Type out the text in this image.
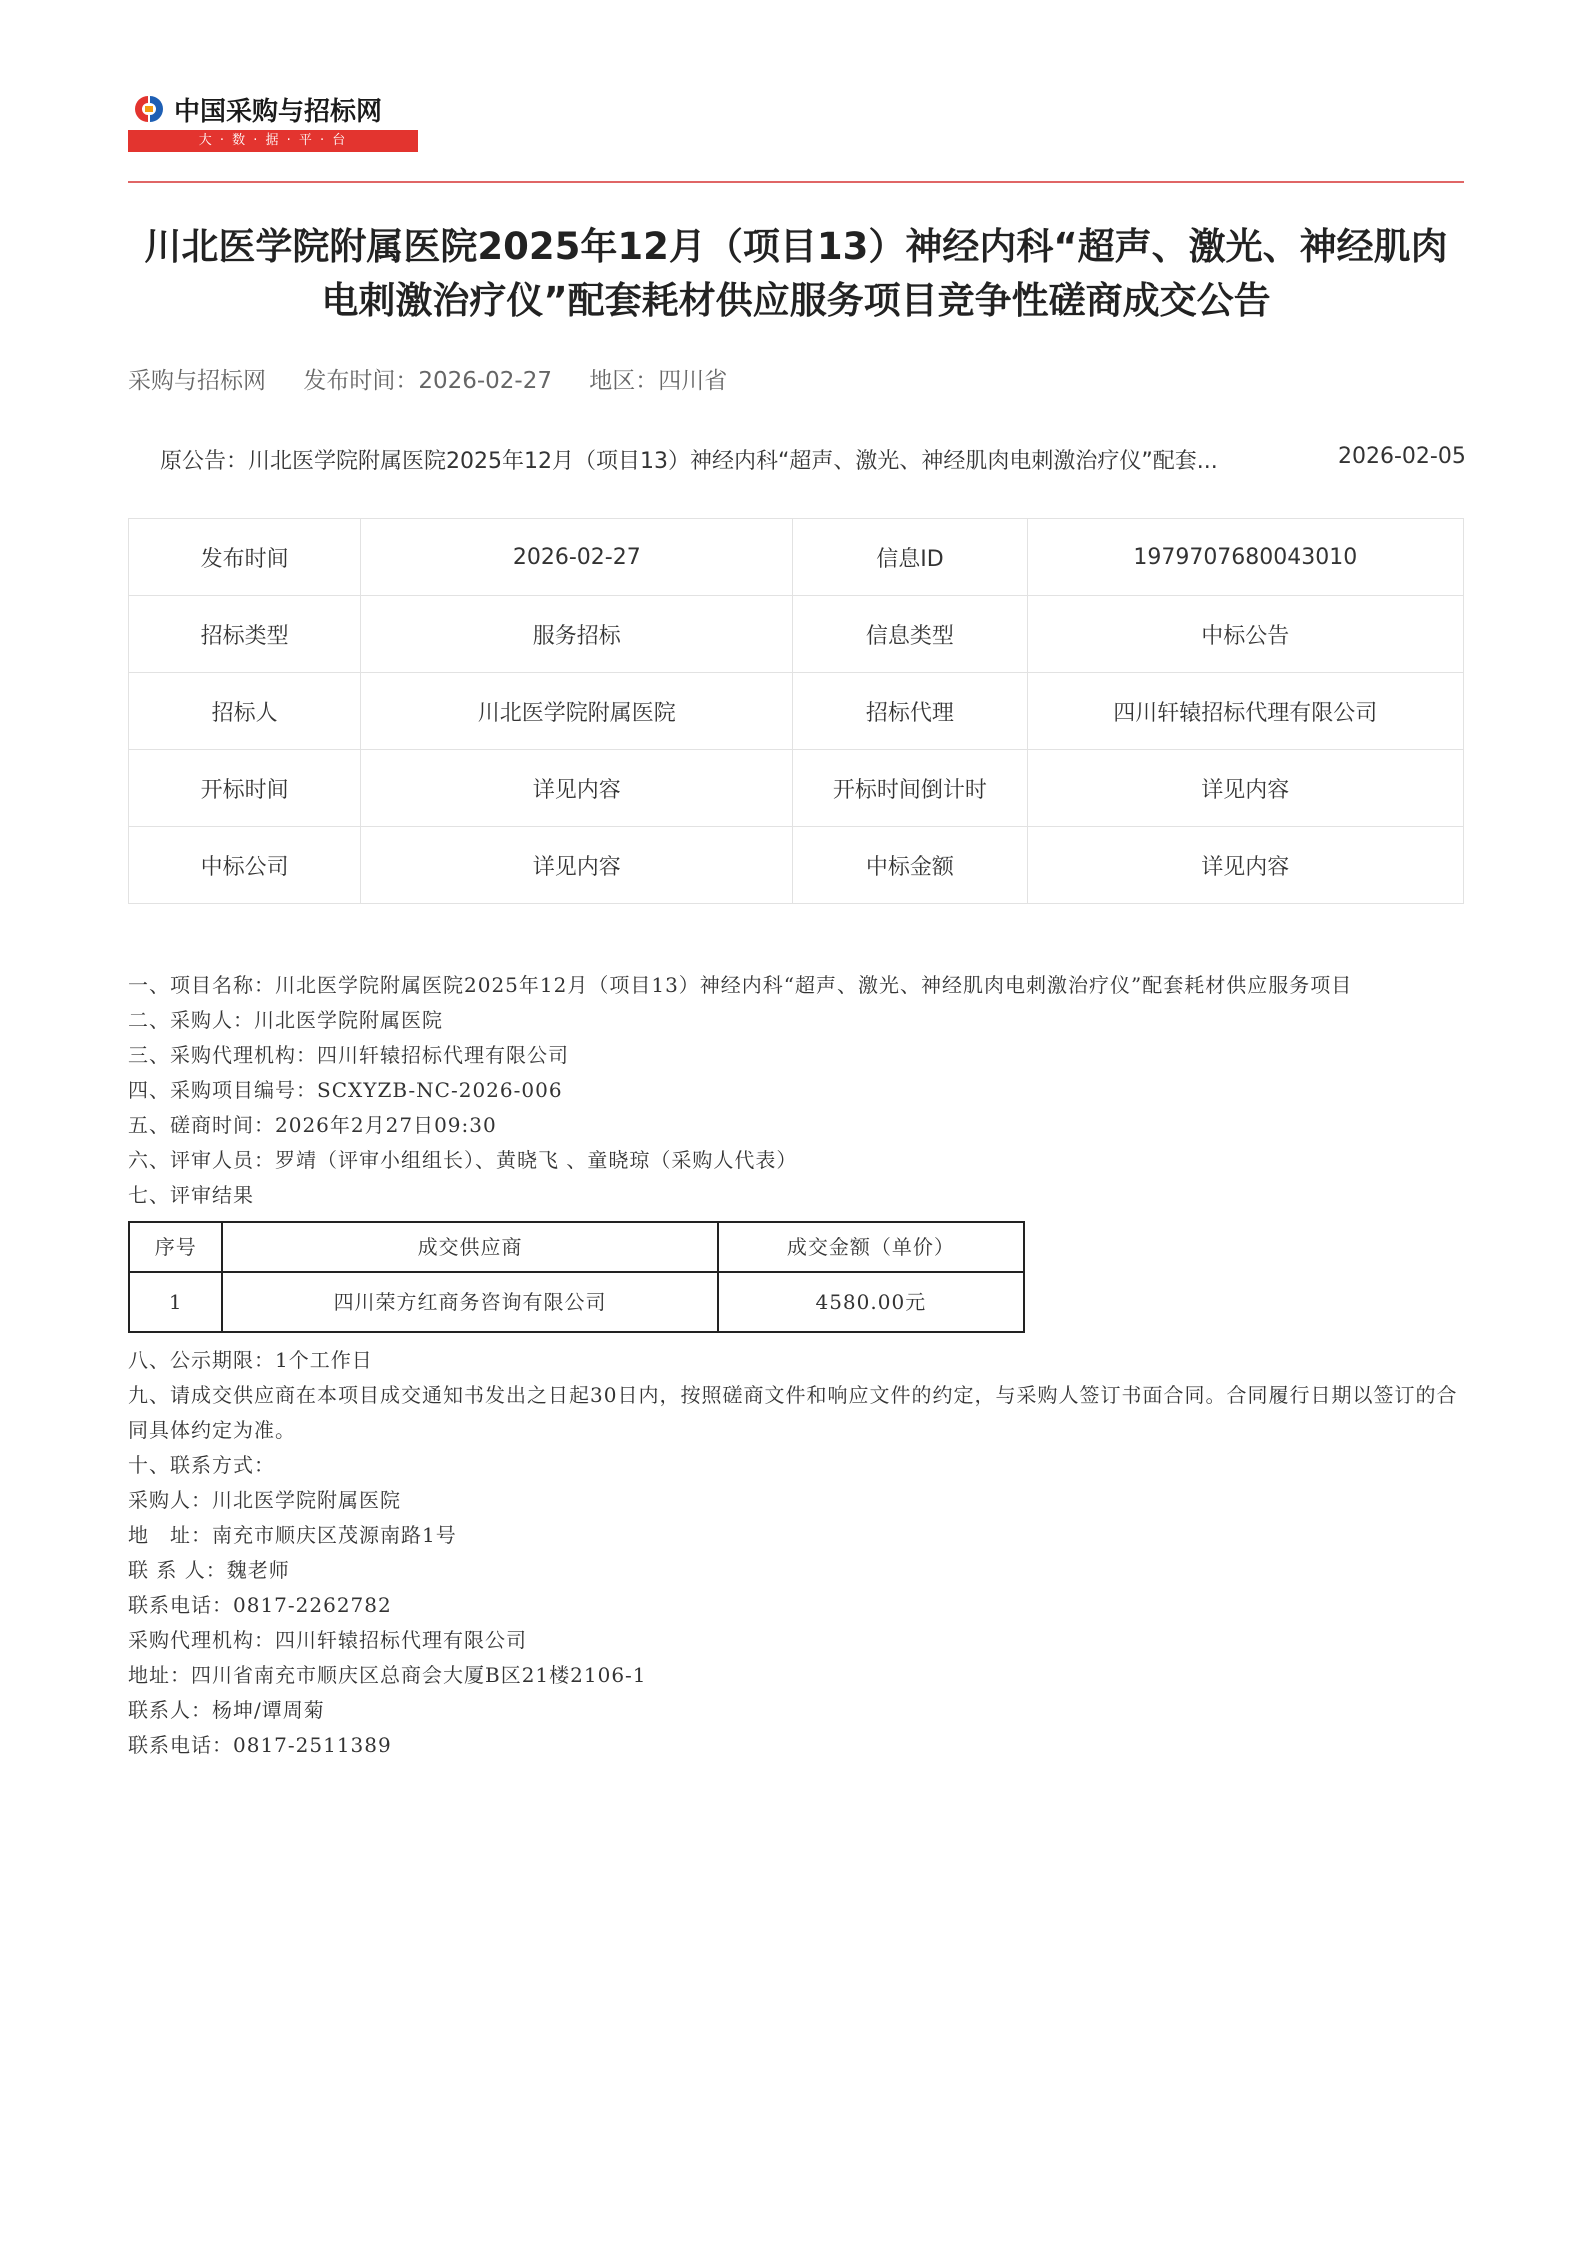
中国采购与招标网
大 · 数 · 据 · 平 · 台
川北医学院附属医院2025年12月（项目13）神经内科“超声、激光、神经肌肉电刺激治疗仪”配套耗材供应服务项目竞争性磋商成交公告
采购与招标网 发布时间：2026-02-27 地区：四川省
原公告：川北医学院附属医院2025年12月（项目13）神经内科“超声、激光、神经肌肉电刺激治疗仪”配套...	2026-02-05
发布时间	2026-02-27	信息ID	1979707680043010
招标类型	服务招标	信息类型	中标公告
招标人	川北医学院附属医院	招标代理	四川轩辕招标代理有限公司
开标时间	详见内容	开标时间倒计时	详见内容
中标公司	详见内容	中标金额	详见内容

一、项目名称：川北医学院附属医院2025年12月（项目13）神经内科“超声、激光、神经肌肉电刺激治疗仪”配套耗材供应服务项目

二、采购人：川北医学院附属医院

三、采购代理机构：四川轩辕招标代理有限公司

四、采购项目编号：SCXYZB-NC-2026-006

五、磋商时间：2026年2月27日09:30

六、评审人员：罗靖（评审小组组长）、黄晓飞 、童晓琼（采购人代表）

七、评审结果

序号	成交供应商	成交金额（单价）
1	四川荣方红商务咨询有限公司	4580.00元

八、公示期限：1个工作日

九、请成交供应商在本项目成交通知书发出之日起30日内，按照磋商文件和响应文件的约定，与采购人签订书面合同。合同履行日期以签订的合同具体约定为准。

十、联系方式：

采购人：川北医学院附属医院

地　址：南充市顺庆区茂源南路1号

联 系 人：魏老师

联系电话：0817-2262782

采购代理机构：四川轩辕招标代理有限公司

地址：四川省南充市顺庆区总商会大厦B区21楼2106-1

联系人：杨坤/谭周菊

联系电话：0817-2511389
